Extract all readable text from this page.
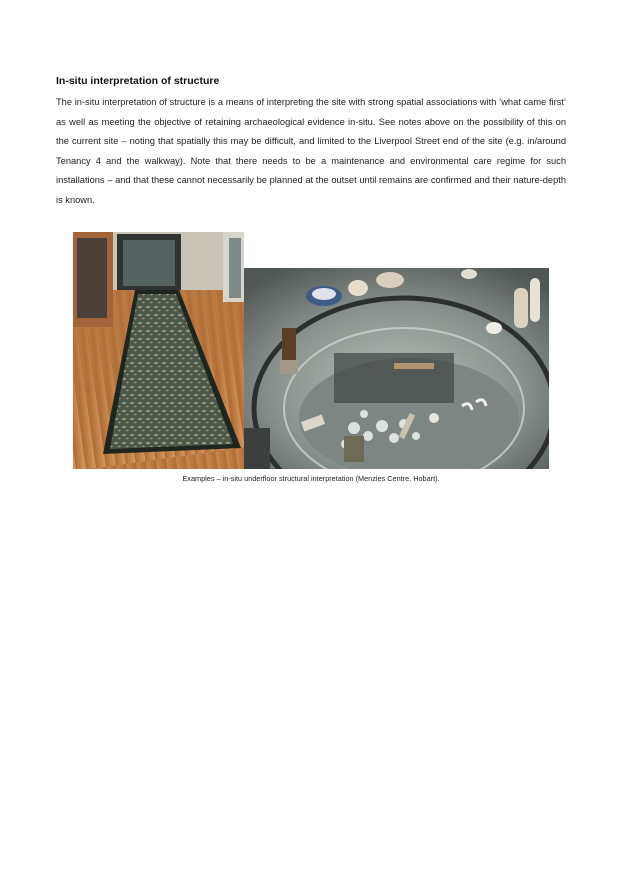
In-situ interpretation of structure
The in-situ interpretation of structure is a means of interpreting the site with strong spatial associations with ‘what came first’ as well as meeting the objective of retaining archaeological evidence in-situ. See notes above on the possibility of this on the current site – noting that spatially this may be difficult, and limited to the Liverpool Street end of the site (e.g. in/around Tenancy 4 and the walkway). Note that there needs to be a maintenance and environmental care regime for such installations – and that these cannot necessarily be planned at the outset until remains are confirmed and their nature-depth is known.
Examples – in-situ underfloor structural interpretation (Menzies Centre, Hobart).
